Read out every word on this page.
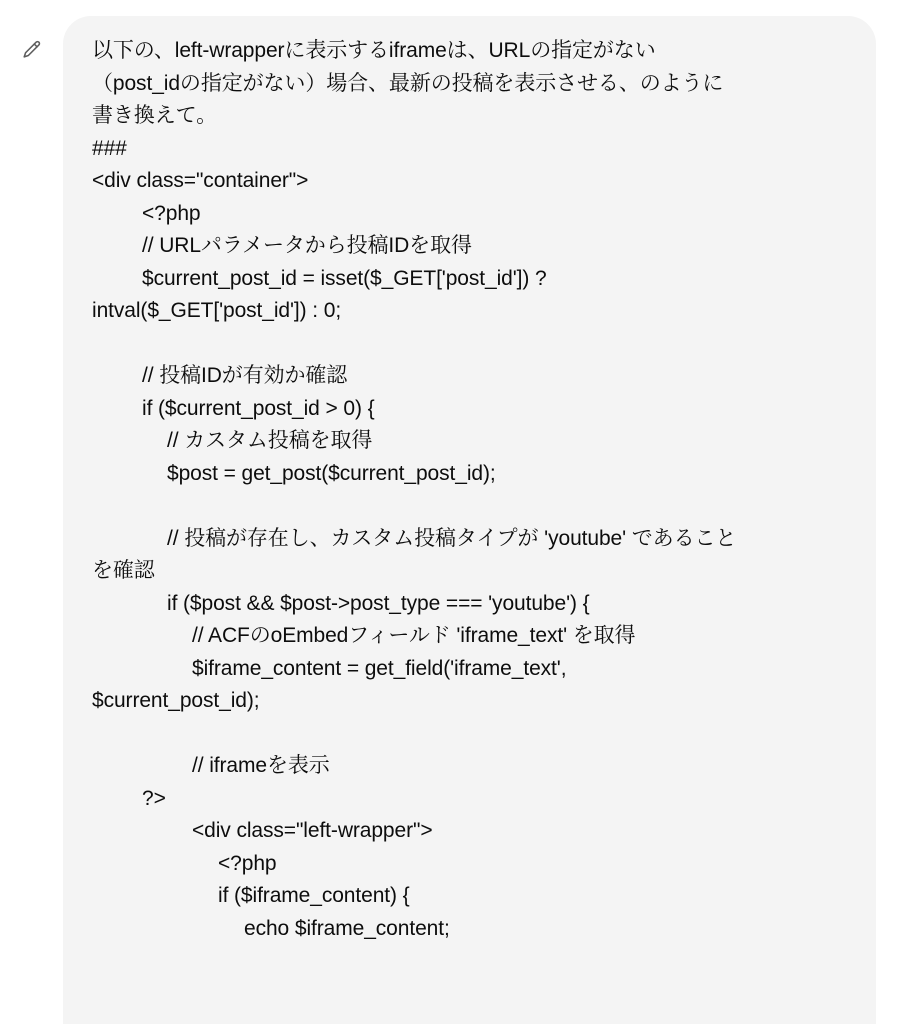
以下の、left-wrapperに表示するiframeは、URLの指定がない
（post_idの指定がない）場合、最新の投稿を表示させる、のように
書き換えて。
###
<div class="container">
<?php
// URLパラメータから投稿IDを取得
$current_post_id = isset($_GET['post_id']) ?
intval($_GET['post_id']) : 0;
// 投稿IDが有効か確認
if ($current_post_id > 0) {
// カスタム投稿を取得
$post = get_post($current_post_id);
// 投稿が存在し、カスタム投稿タイプが 'youtube' であること
を確認
if ($post && $post->post_type === 'youtube') {
// ACFのoEmbedフィールド 'iframe_text' を取得
$iframe_content = get_field('iframe_text',
$current_post_id);
// iframeを表示
?>
<div class="left-wrapper">
<?php
if ($iframe_content) {
echo $iframe_content;
